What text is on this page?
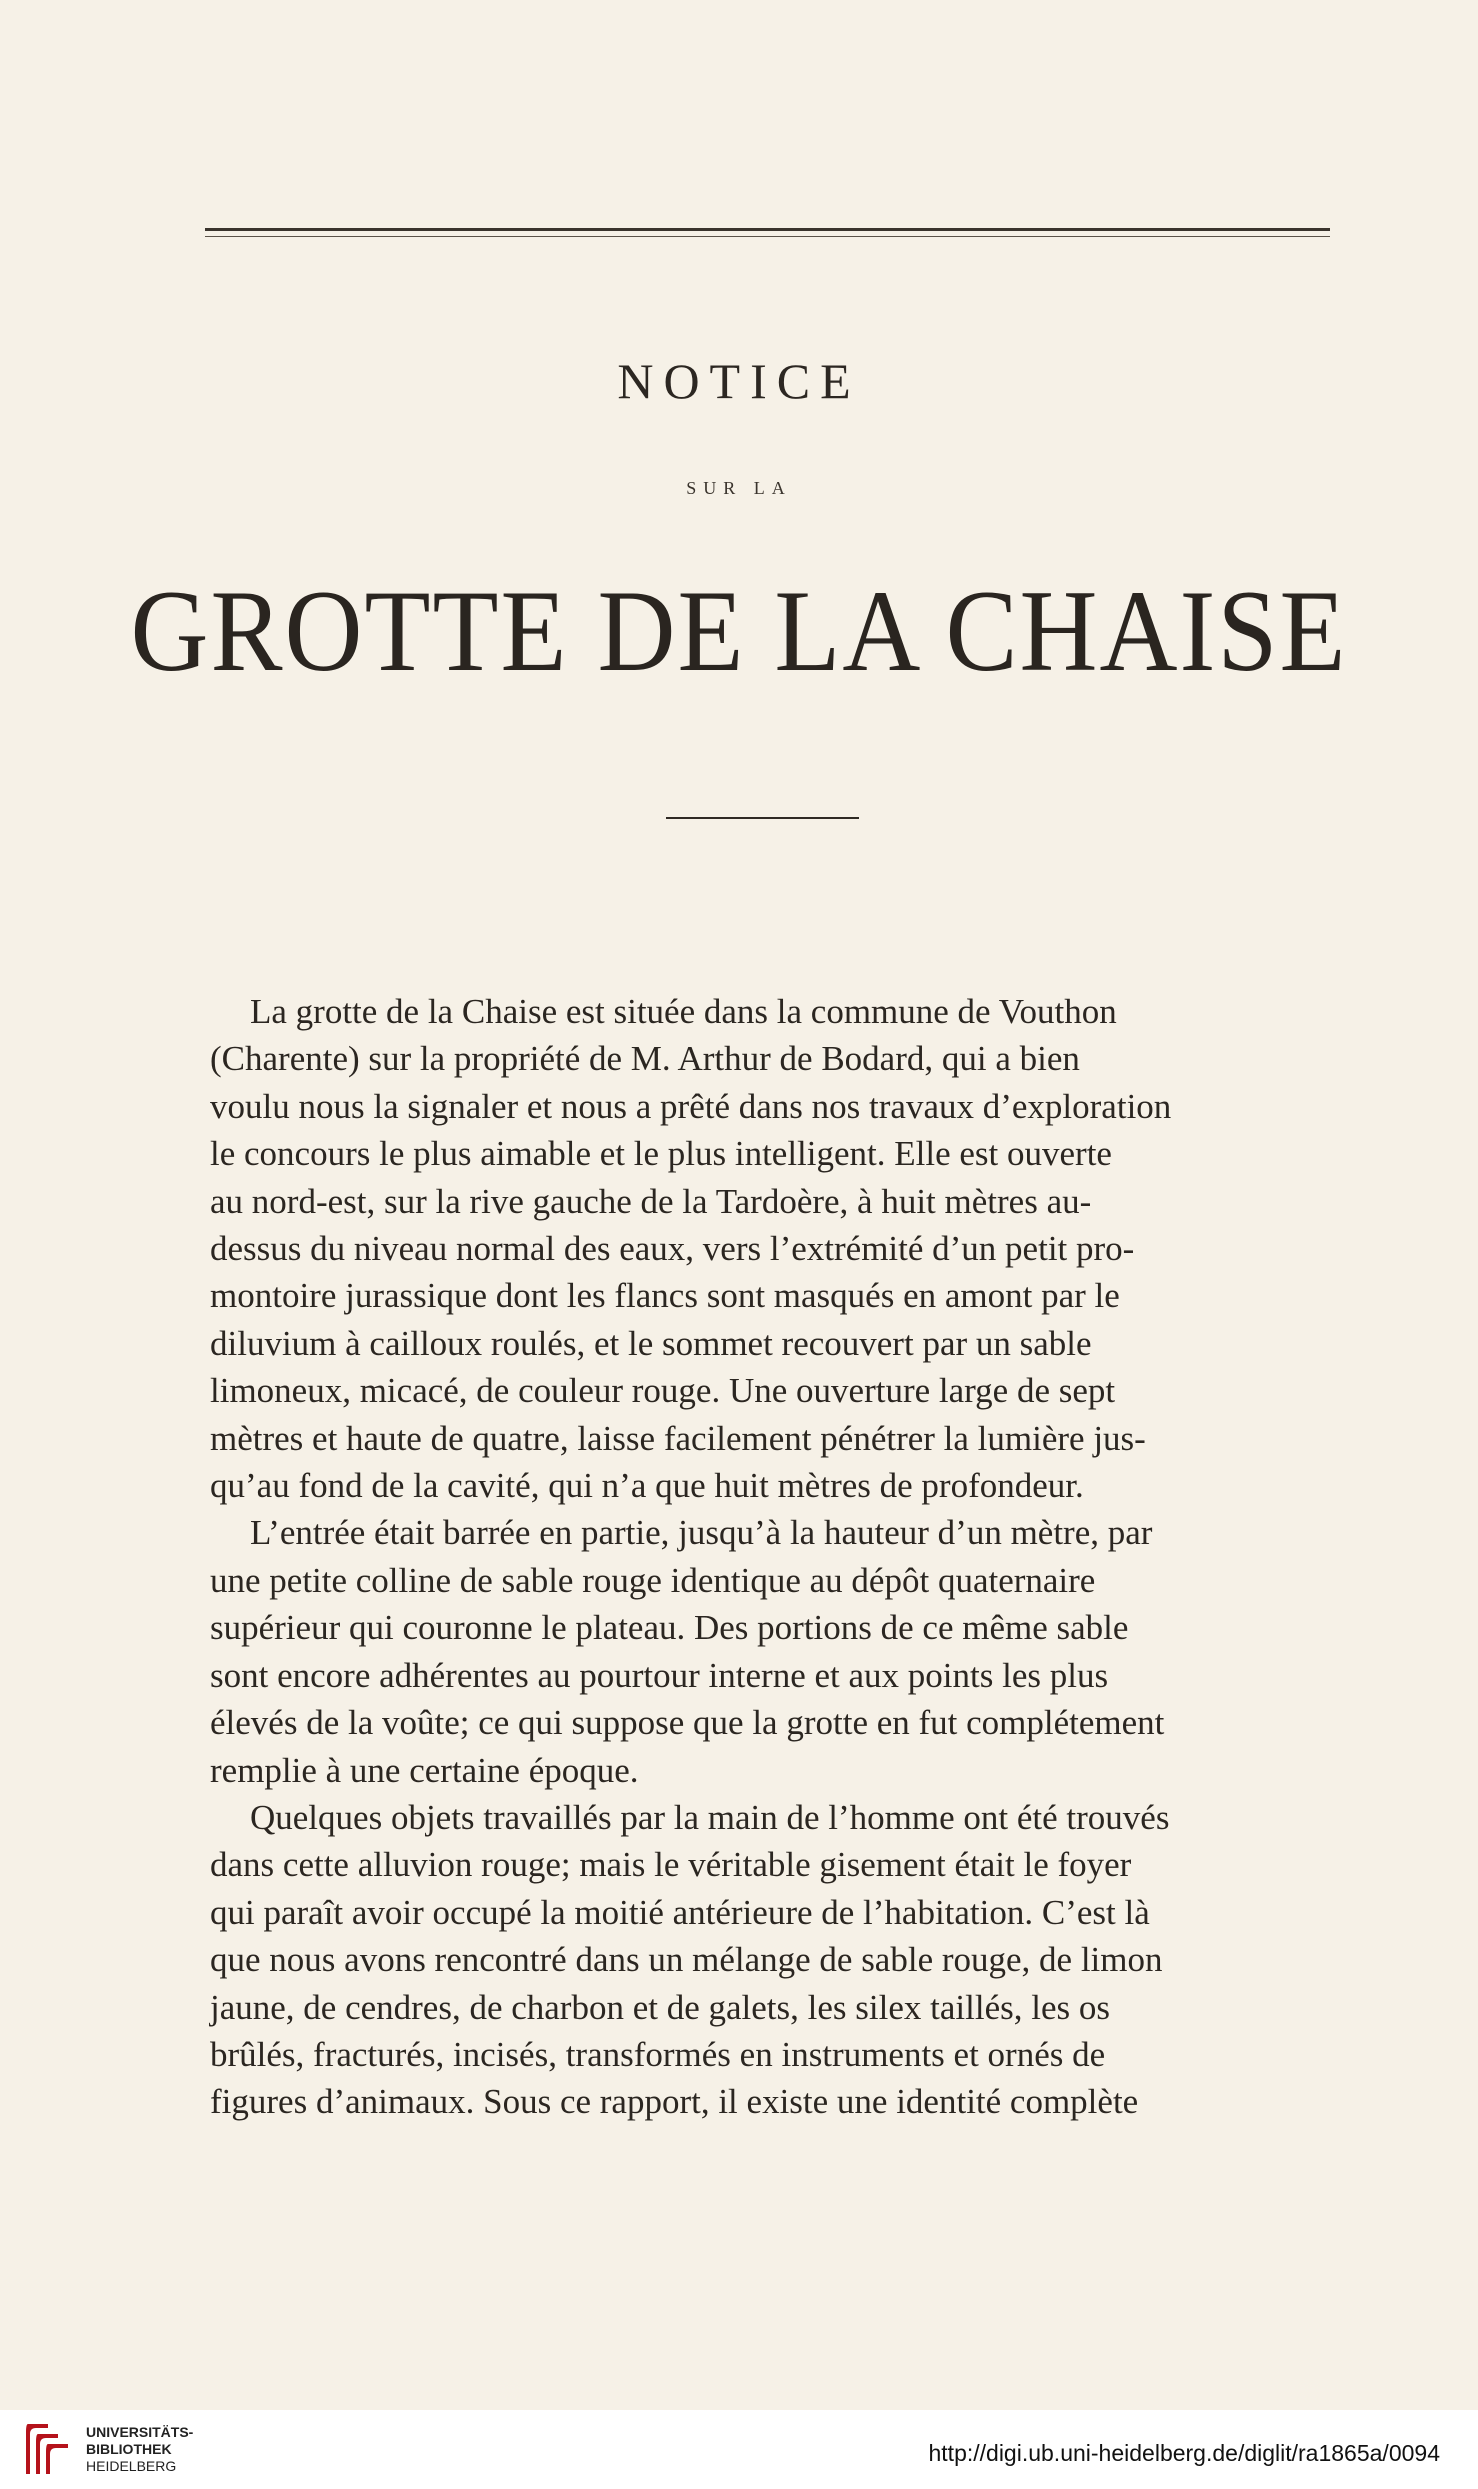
NOTICE
SUR LA
GROTTE DE LA CHAISE
La grotte de la Chaise est située dans la commune de Vouthon
(Charente) sur la propriété de M. Arthur de Bodard, qui a bien
voulu nous la signaler et nous a prêté dans nos travaux d’exploration
le concours le plus aimable et le plus intelligent. Elle est ouverte
au nord-est, sur la rive gauche de la Tardoère, à huit mètres au-
dessus du niveau normal des eaux, vers l’extrémité d’un petit pro-
montoire jurassique dont les flancs sont masqués en amont par le
diluvium à cailloux roulés, et le sommet recouvert par un sable
limoneux, micacé, de couleur rouge. Une ouverture large de sept
mètres et haute de quatre, laisse facilement pénétrer la lumière jus-
qu’au fond de la cavité, qui n’a que huit mètres de profondeur.
L’entrée était barrée en partie, jusqu’à la hauteur d’un mètre, par
une petite colline de sable rouge identique au dépôt quaternaire
supérieur qui couronne le plateau. Des portions de ce même sable
sont encore adhérentes au pourtour interne et aux points les plus
élevés de la voûte; ce qui suppose que la grotte en fut complétement
remplie à une certaine époque.
Quelques objets travaillés par la main de l’homme ont été trouvés
dans cette alluvion rouge; mais le véritable gisement était le foyer
qui paraît avoir occupé la moitié antérieure de l’habitation. C’est là
que nous avons rencontré dans un mélange de sable rouge, de limon
jaune, de cendres, de charbon et de galets, les silex taillés, les os
brûlés, fracturés, incisés, transformés en instruments et ornés de
figures d’animaux. Sous ce rapport, il existe une identité complète
UNIVERSITÄTS-
BIBLIOTHEK
HEIDELBERG	http://digi.ub.uni-heidelberg.de/diglit/ra1865a/0094
